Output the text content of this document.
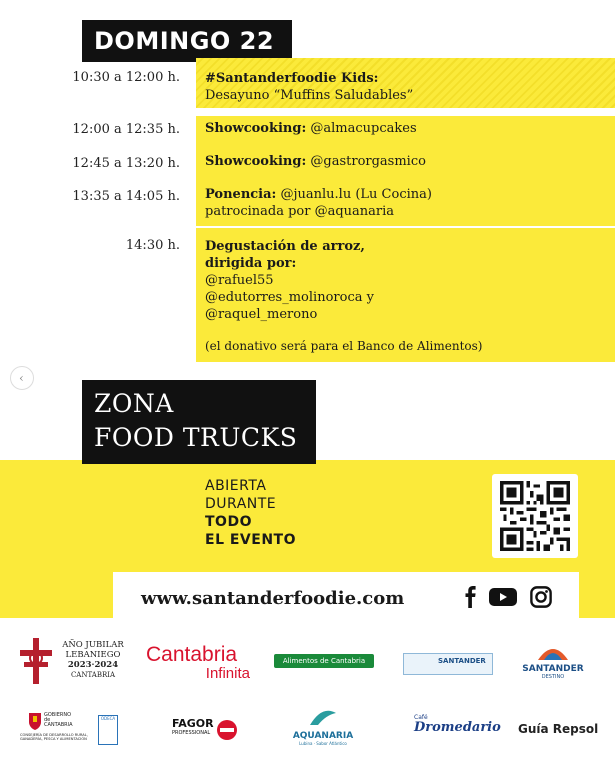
DOMINGO 22
10:30 a 12:00 h. #Santanderfoodie Kids:
Desayuno “Muffins Saludables”
12:00 a 12:35 h. Showcooking: @almacupcakes
12:45 a 13:20 h. Showcooking: @gastrorgasmico
13:35 a 14:05 h. Ponencia: @juanlu.lu (Lu Cocina)
patrocinada por @aquanaria
14:30 h. Degustación de arroz,
dirigida por:
@rafuel55
@edutorres_molinoroca y
@raquel_merono
(el donativo será para el Banco de Alimentos)
‹
ZONA
FOOD TRUCKS
ABIERTA
DURANTE
TODO
EL EVENTO
www.santanderfoodie.com
AÑO JUBILAR
LEBANIEGO
2023·2024
CANTABRIA
Cantabria
Infinita
Alimentos de Cantabria	SANTANDER
SANTANDER
DESTINO
GOBIERNO
de
CANTABRIA
CONSEJERÍA DE DESARROLLO RURAL,
GANADERÍA, PESCA Y ALIMENTACIÓN
ODECA	FAGOR
PROFESSIONAL	AQUANARIA
Lubina · Sabor Atlántico
Café
Dromedario Guía Repsol
